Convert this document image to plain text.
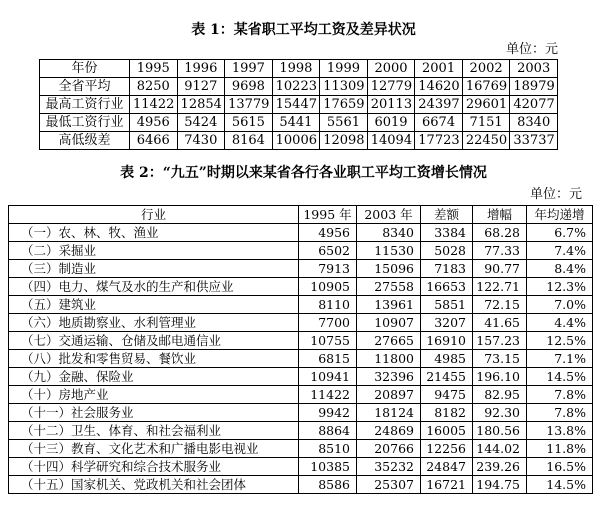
表 1：某省职工平均工资及差异状况
单位：元
年份	1995	1996	1997	1998	1999	2000	2001	2002	2003
全省平均	8250	9127	9698	10223	11309	12779	14620	16769	18979
最高工资行业	11422	12854	13779	15447	17659	20113	24397	29601	42077
最低工资行业	4956	5424	5615	5441	5561	6019	6674	7151	8340
高低级差	6466	7430	8164	10006	12098	14094	17723	22450	33737
表 2：“九五”时期以来某省各行各业职工平均工资增长情况
单位：元
行业	1995 年	2003 年	差额	增幅	年均递增
（一）农、林、牧、渔业	4956	8340	3384	68.28	6.7%
（二）采掘业	6502	11530	5028	77.33	7.4%
（三）制造业	7913	15096	7183	90.77	8.4%
（四）电力、煤气及水的生产和供应业	10905	27558	16653	122.71	12.3%
（五）建筑业	8110	13961	5851	72.15	7.0%
（六）地质勘察业、水利管理业	7700	10907	3207	41.65	4.4%
（七）交通运输、仓储及邮电通信业	10755	27665	16910	157.23	12.5%
（八）批发和零售贸易、餐饮业	6815	11800	4985	73.15	7.1%
（九）金融、保险业	10941	32396	21455	196.10	14.5%
（十）房地产业	11422	20897	9475	82.95	7.8%
（十一）社会服务业	9942	18124	8182	92.30	7.8%
（十二）卫生、体育、和社会福利业	8864	24869	16005	180.56	13.8%
（十三）教育、文化艺术和广播电影电视业	8510	20766	12256	144.02	11.8%
（十四）科学研究和综合技术服务业	10385	35232	24847	239.26	16.5%
（十五）国家机关、党政机关和社会团体	8586	25307	16721	194.75	14.5%
